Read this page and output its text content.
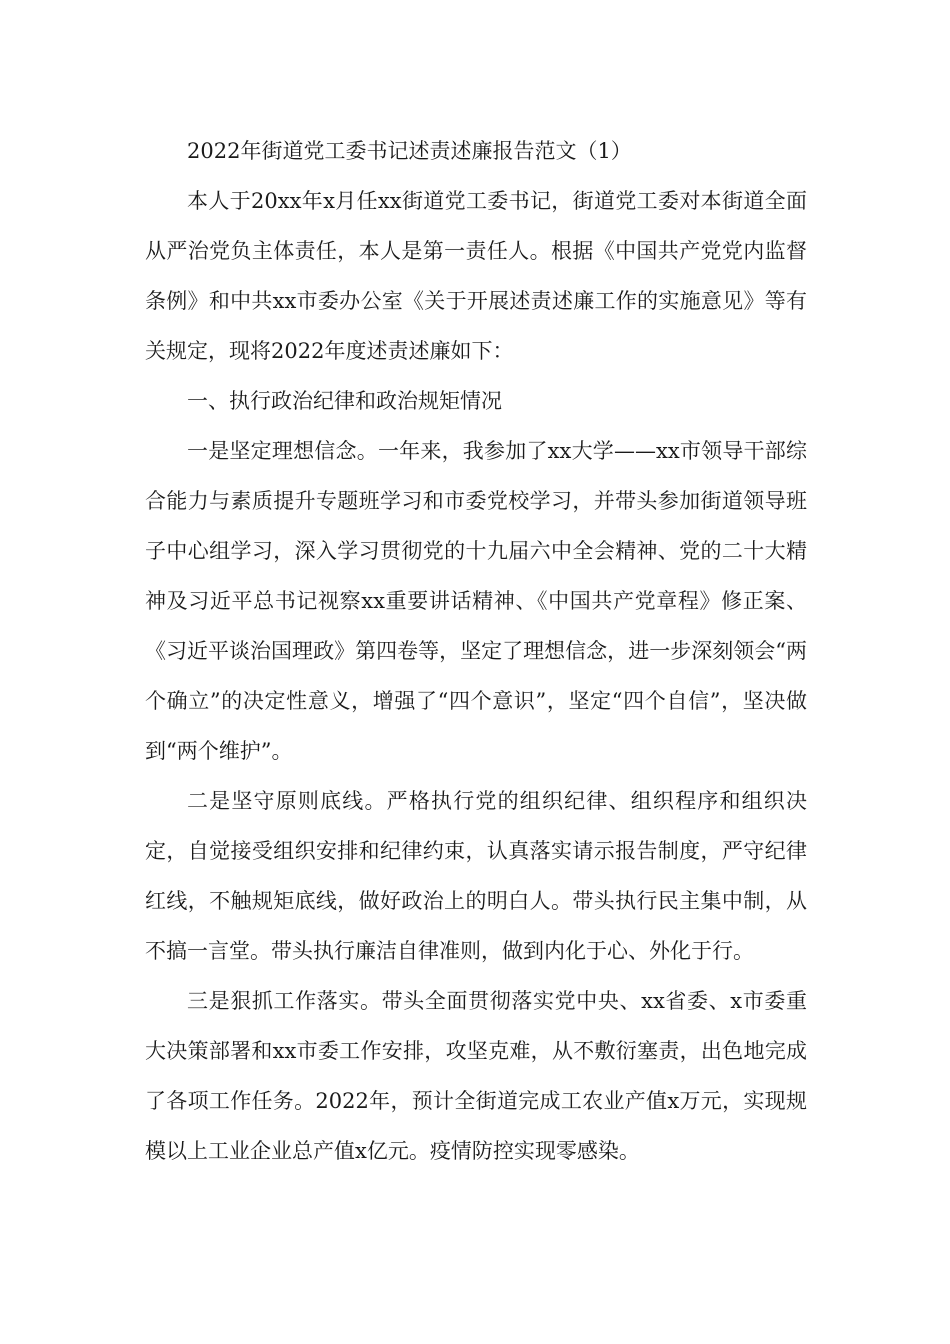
2022年街道党工委书记述责述廉报告范文（1）

本人于20xx年x月任xx街道党工委书记，街道党工委对本街道全面从严治党负主体责任，本人是第一责任人。根据《中国共产党党内监督条例》和中共xx市委办公室《关于开展述责述廉工作的实施意见》等有关规定，现将2022年度述责述廉如下：

一、执行政治纪律和政治规矩情况

一是坚定理想信念。一年来，我参加了xx大学——xx市领导干部综合能力与素质提升专题班学习和市委党校学习，并带头参加街道领导班子中心组学习，深入学习贯彻党的十九届六中全会精神、党的二十大精神及习近平总书记视察xx重要讲话精神、《中国共产党章程》修正案、《习近平谈治国理政》第四卷等，坚定了理想信念，进一步深刻领会“两个确立”的决定性意义，增强了“四个意识”，坚定“四个自信”，坚决做到“两个维护”。

二是坚守原则底线。严格执行党的组织纪律、组织程序和组织决定，自觉接受组织安排和纪律约束，认真落实请示报告制度，严守纪律红线，不触规矩底线，做好政治上的明白人。带头执行民主集中制，从不搞一言堂。带头执行廉洁自律准则，做到内化于心、外化于行。

三是狠抓工作落实。带头全面贯彻落实党中央、xx省委、x市委重大决策部署和xx市委工作安排，攻坚克难，从不敷衍塞责，出色地完成了各项工作任务。2022年，预计全街道完成工农业产值x万元，实现规模以上工业企业总产值x亿元。疫情防控实现零感染。
